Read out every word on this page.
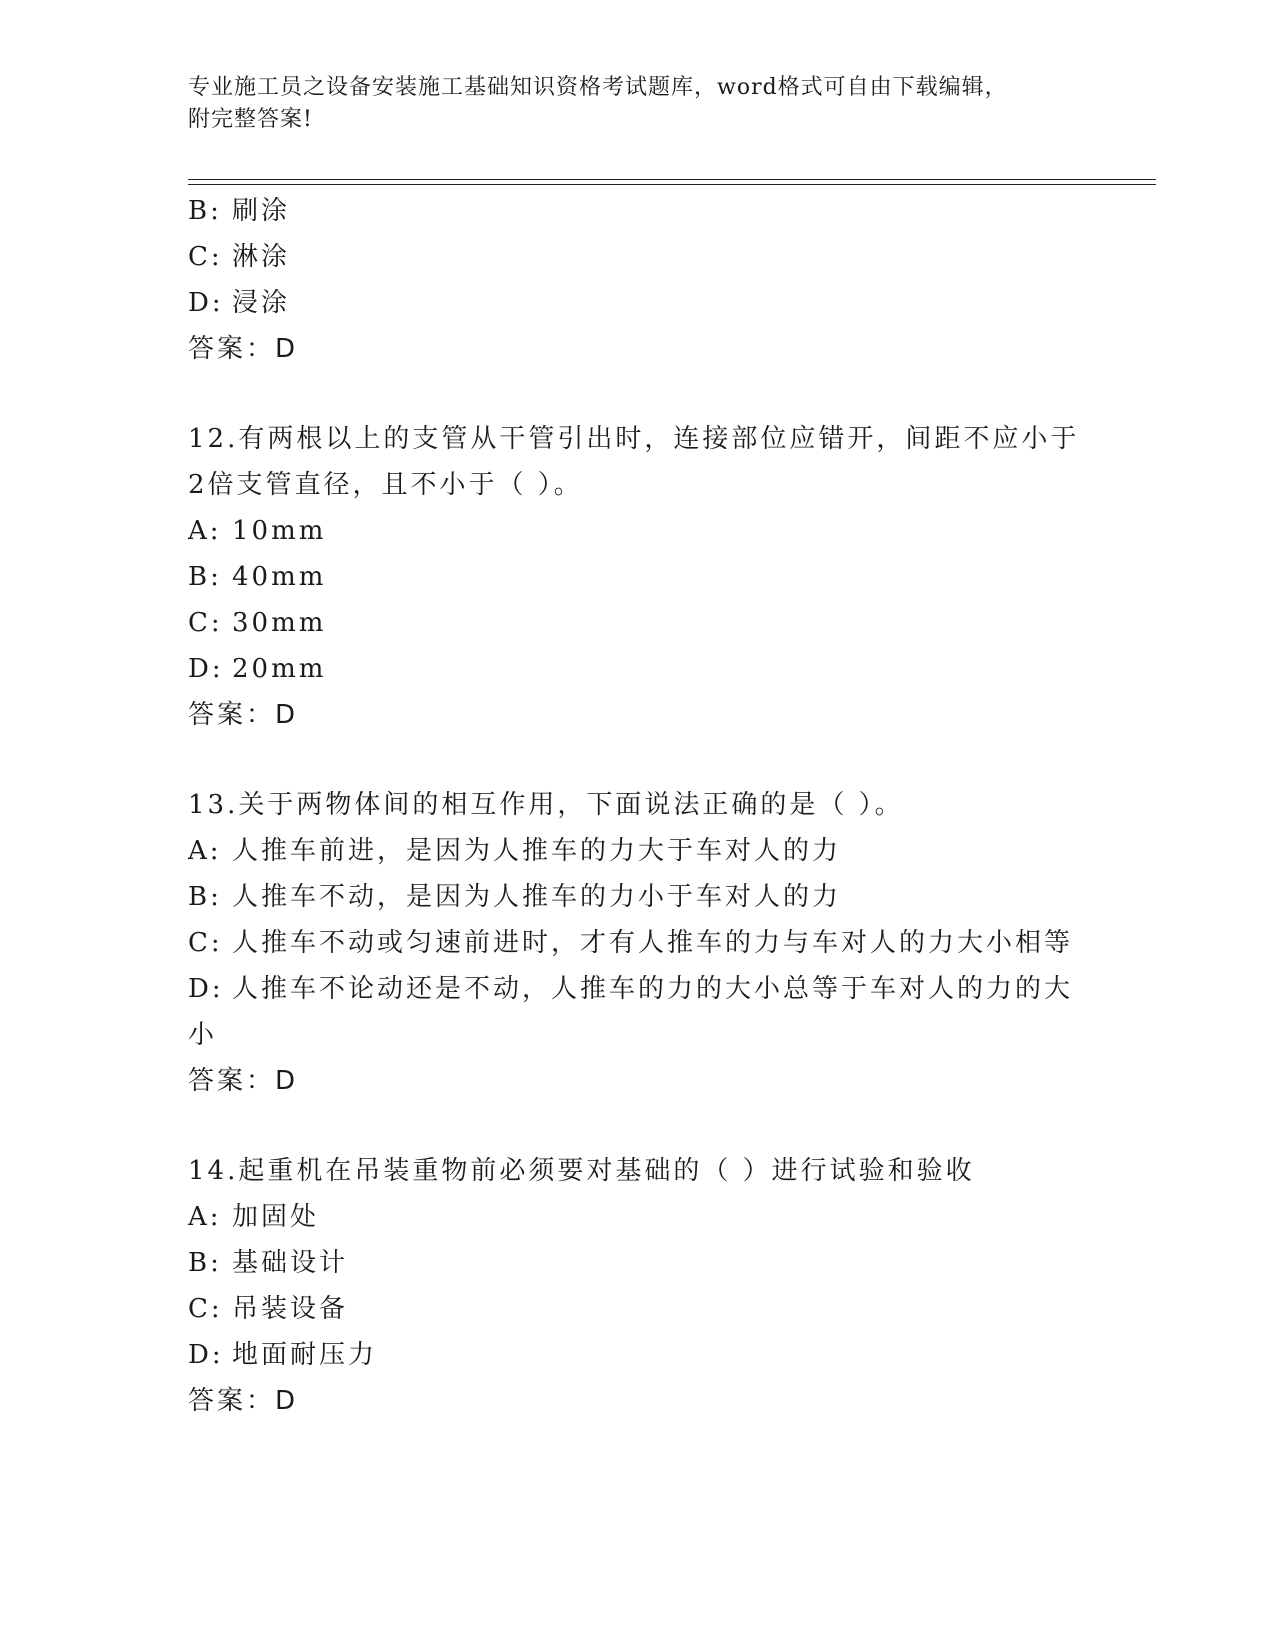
专业施工员之设备安装施工基础知识资格考试题库，word格式可自由下载编辑，
附完整答案!
B: 刷涂
C: 淋涂
D: 浸涂
答案：D
12.有两根以上的支管从干管引出时，连接部位应错开，间距不应小于
2倍支管直径，且不小于（ ）。
A: 10mm
B: 40mm
C: 30mm
D: 20mm
答案：D
13.关于两物体间的相互作用，下面说法正确的是（ ）。
A: 人推车前进，是因为人推车的力大于车对人的力
B: 人推车不动，是因为人推车的力小于车对人的力
C: 人推车不动或匀速前进时，才有人推车的力与车对人的力大小相等
D: 人推车不论动还是不动，人推车的力的大小总等于车对人的力的大
小
答案：D
14.起重机在吊装重物前必须要对基础的（ ）进行试验和验收
A: 加固处
B: 基础设计
C: 吊装设备
D: 地面耐压力
答案：D
